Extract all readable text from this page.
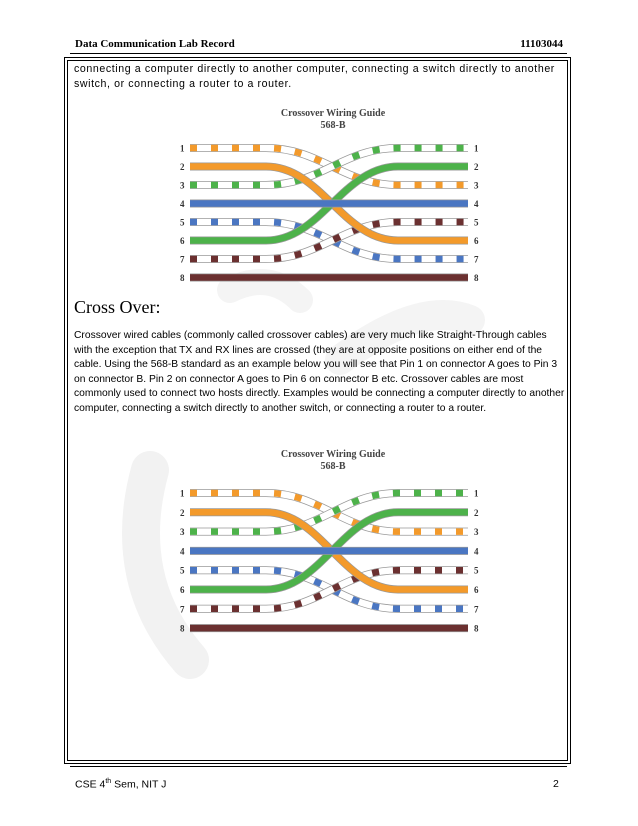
Data Communication Lab Record	11103044

connecting a computer directly to another computer, connecting a switch directly to another switch, or connecting a router to a router.

Crossover Wiring Guide
568-B
1	1
2	2
3	3
4	4
5	5
6	6
7	7
8	8
Cross Over:

Crossover wired cables (commonly called crossover cables) are very much like Straight-Through cables with the exception that TX and RX lines are crossed (they are at opposite positions on either end of the cable. Using the 568-B standard as an example below you will see that Pin 1 on connector A goes to Pin 3 on connector B. Pin 2 on connector A goes to Pin 6 on connector B etc. Crossover cables are most commonly used to connect two hosts directly. Examples would be connecting a computer directly to another computer, connecting a switch directly to another switch, or connecting a router to a router.

Crossover Wiring Guide
568-B
1	1
2	2
3	3
4	4
5	5
6	6
7	7
8	8
CSE 4th Sem, NIT J	2
